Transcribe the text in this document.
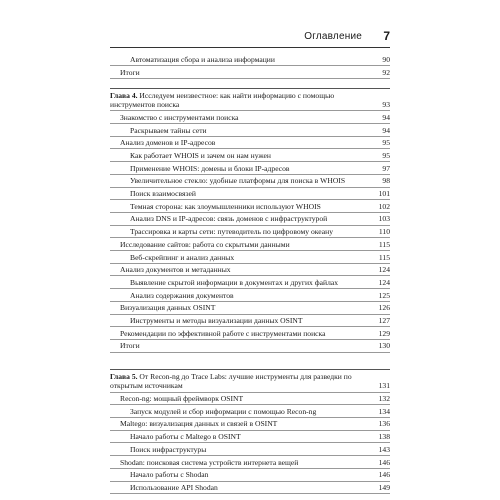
Оглавление 7
Автоматизация сбора и анализа информации	90
Итоги	92
Глава 4. Исследуем неизвестное: как найти информацию с помощью инструментов поиска	93
Знакомство с инструментами поиска	94
Раскрываем тайны сети	94
Анализ доменов и IP-адресов	95
Как работает WHOIS и зачем он нам нужен	95
Применение WHOIS: домены и блоки IP-адресов	97
Увеличительное стекло: удобные платформы для поиска в WHOIS	98
Поиск взаимосвязей	101
Темная сторона: как злоумышленники используют WHOIS	102
Анализ DNS и IP-адресов: связь доменов с инфраструктурой	103
Трассировка и карты сети: путеводитель по цифровому океану	110
Исследование сайтов: работа со скрытыми данными	115
Веб-скрейпинг и анализ данных	115
Анализ документов и метаданных	124
Выявление скрытой информации в документах и других файлах	124
Анализ содержания документов	125
Визуализация данных OSINT	126
Инструменты и методы визуализации данных OSINT	127
Рекомендации по эффективной работе с инструментами поиска	129
Итоги	130
Глава 5. От Recon-ng до Trace Labs: лучшие инструменты для разведки по открытым источникам	131
Recon-ng: мощный фреймворк OSINT	132
Запуск модулей и сбор информации с помощью Recon-ng	134
Maltego: визуализация данных и связей в OSINT	136
Начало работы с Maltego в OSINT	138
Поиск инфраструктуры	143
Shodan: поисковая система устройств интернета вещей	146
Начало работы с Shodan	146
Использование API Shodan	149
